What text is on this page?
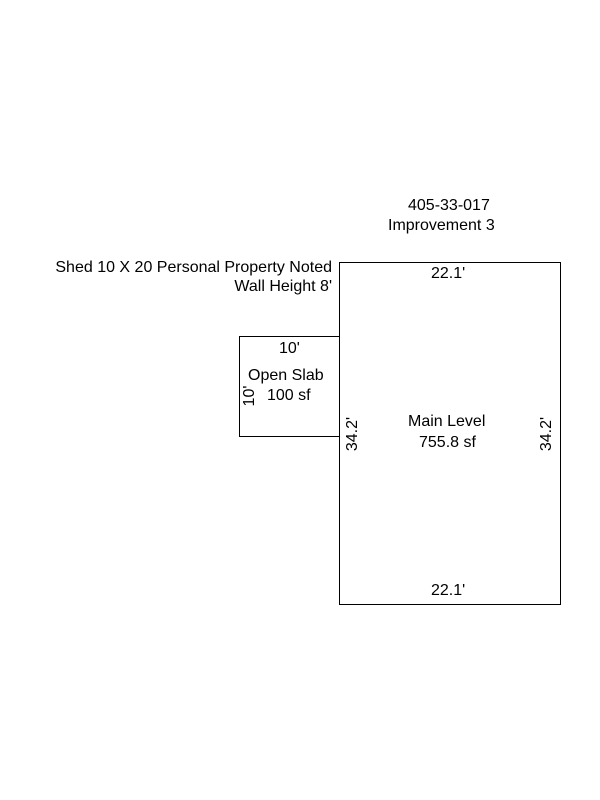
405-33-017
Improvement 3
Shed 10 X 20 Personal Property Noted
Wall Height 8'
22.1'
22.1'
34.2'	34.2'
Main Level
755.8 sf
10'
10'
Open Slab
100 sf
